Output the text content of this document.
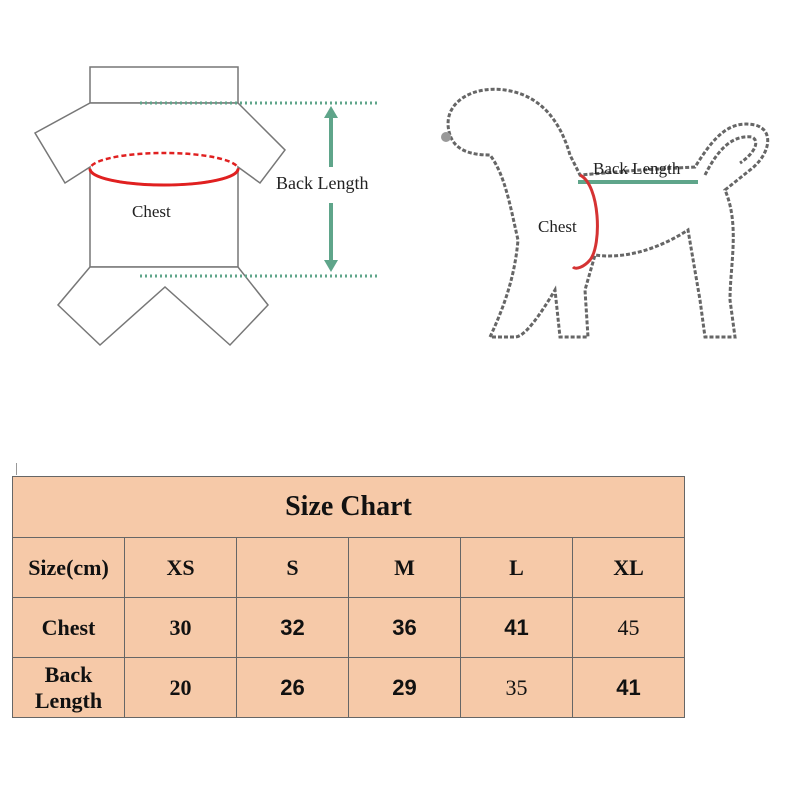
Chest
Back Length
Back Length
Chest
Size Chart					
Size(cm)	XS	S	M	L	XL
Chest	30	32	36	41	45
Back Length	20	26	29	35	41
